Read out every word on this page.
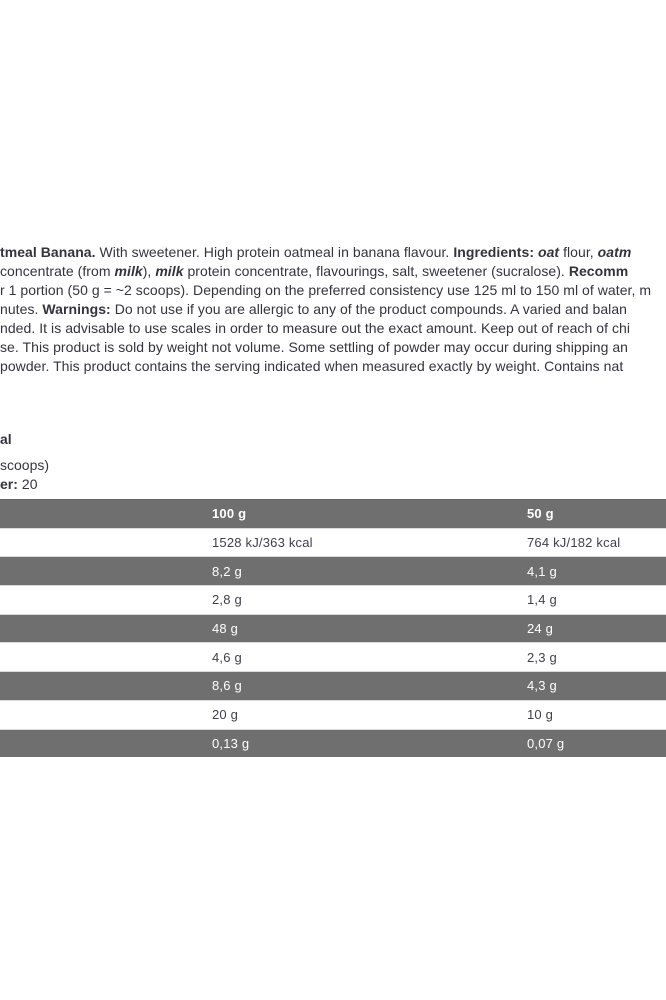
tmeal Banana. With sweetener. High protein oatmeal in banana flavour. Ingredients: oat flour, oatm
concentrate (from milk), milk protein concentrate, flavourings, salt, sweetener (sucralose). Recomm
r 1 portion (50 g = ~2 scoops). Depending on the preferred consistency use 125 ml to 150 ml of water, m
nutes. Warnings: Do not use if you are allergic to any of the product compounds. A varied and balan
nded. It is advisable to use scales in order to measure out the exact amount. Keep out of reach of chi
se. This product is sold by weight not volume. Some settling of powder may occur during shipping an
powder. This product contains the serving indicated when measured exactly by weight. Contains nat
al
scoops)
er: 20
100 g	50 g
1528 kJ/363 kcal	764 kJ/182 kcal
8,2 g	4,1 g
2,8 g	1,4 g
48 g	24 g
4,6 g	2,3 g
8,6 g	4,3 g
20 g	10 g
0,13 g	0,07 g
